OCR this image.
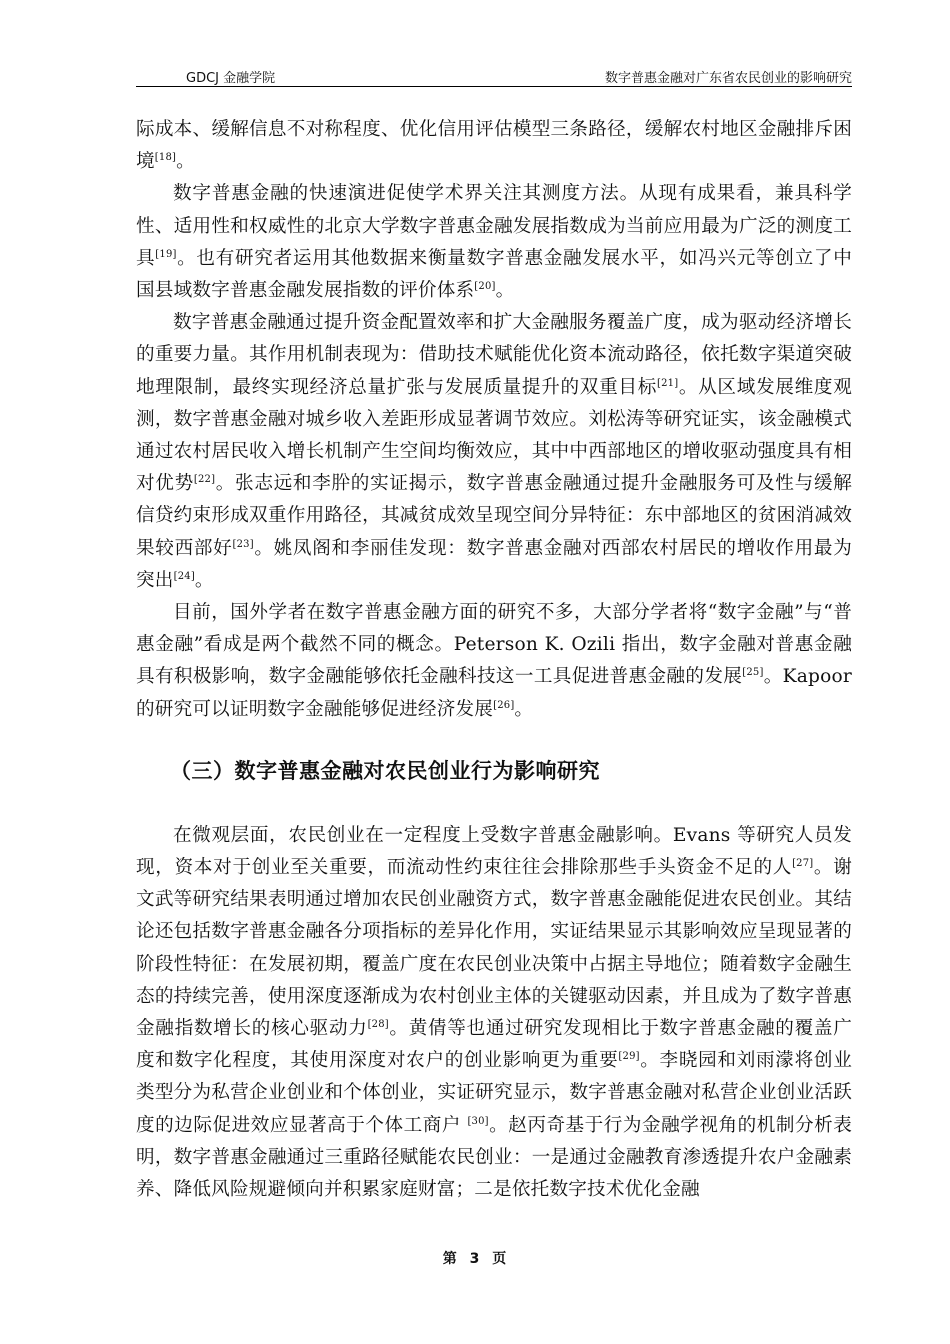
GDCJ 金融学院	数字普惠金融对广东省农民创业的影响研究

际成本、缓解信息不对称程度、优化信用评估模型三条路径，缓解农村地区金融排斥困境[18]。

数字普惠金融的快速演进促使学术界关注其测度方法。从现有成果看，兼具科学性、适用性和权威性的北京大学数字普惠金融发展指数成为当前应用最为广泛的测度工具[19]。也有研究者运用其他数据来衡量数字普惠金融发展水平，如冯兴元等创立了中国县域数字普惠金融发展指数的评价体系[20]。

数字普惠金融通过提升资金配置效率和扩大金融服务覆盖广度，成为驱动经济增长的重要力量。其作用机制表现为：借助技术赋能优化资本流动路径，依托数字渠道突破地理限制，最终实现经济总量扩张与发展质量提升的双重目标[21]。从区域发展维度观测，数字普惠金融对城乡收入差距形成显著调节效应。刘松涛等研究证实，该金融模式通过农村居民收入增长机制产生空间均衡效应，其中中西部地区的增收驱动强度具有相对优势[22]。张志远和李肸的实证揭示，数字普惠金融通过提升金融服务可及性与缓解信贷约束形成双重作用路径，其减贫成效呈现空间分异特征：东中部地区的贫困消减效果较西部好[23]。姚凤阁和李丽佳发现：数字普惠金融对西部农村居民的增收作用最为突出[24]。

目前，国外学者在数字普惠金融方面的研究不多，大部分学者将“数字金融”与“普惠金融”看成是两个截然不同的概念。Peterson K. Ozili 指出，数字金融对普惠金融具有积极影响，数字金融能够依托金融科技这一工具促进普惠金融的发展[25]。Kapoor 的研究可以证明数字金融能够促进经济发展[26]。

（三）数字普惠金融对农民创业行为影响研究

在微观层面，农民创业在一定程度上受数字普惠金融影响。Evans 等研究人员发现，资本对于创业至关重要，而流动性约束往往会排除那些手头资金不足的人[27]。谢文武等研究结果表明通过增加农民创业融资方式，数字普惠金融能促进农民创业。其结论还包括数字普惠金融各分项指标的差异化作用，实证结果显示其影响效应呈现显著的阶段性特征：在发展初期，覆盖广度在农民创业决策中占据主导地位；随着数字金融生态的持续完善，使用深度逐渐成为农村创业主体的关键驱动因素，并且成为了数字普惠金融指数增长的核心驱动力[28]。黄倩等也通过研究发现相比于数字普惠金融的覆盖广度和数字化程度，其使用深度对农户的创业影响更为重要[29]。李晓园和刘雨濛将创业类型分为私营企业创业和个体创业，实证研究显示，数字普惠金融对私营企业创业活跃度的边际促进效应显著高于个体工商户 [30]。赵丙奇基于行为金融学视角的机制分析表明，数字普惠金融通过三重路径赋能农民创业：一是通过金融教育渗透提升农户金融素养、降低风险规避倾向并积累家庭财富；二是依托数字技术优化金融

第 3 页
